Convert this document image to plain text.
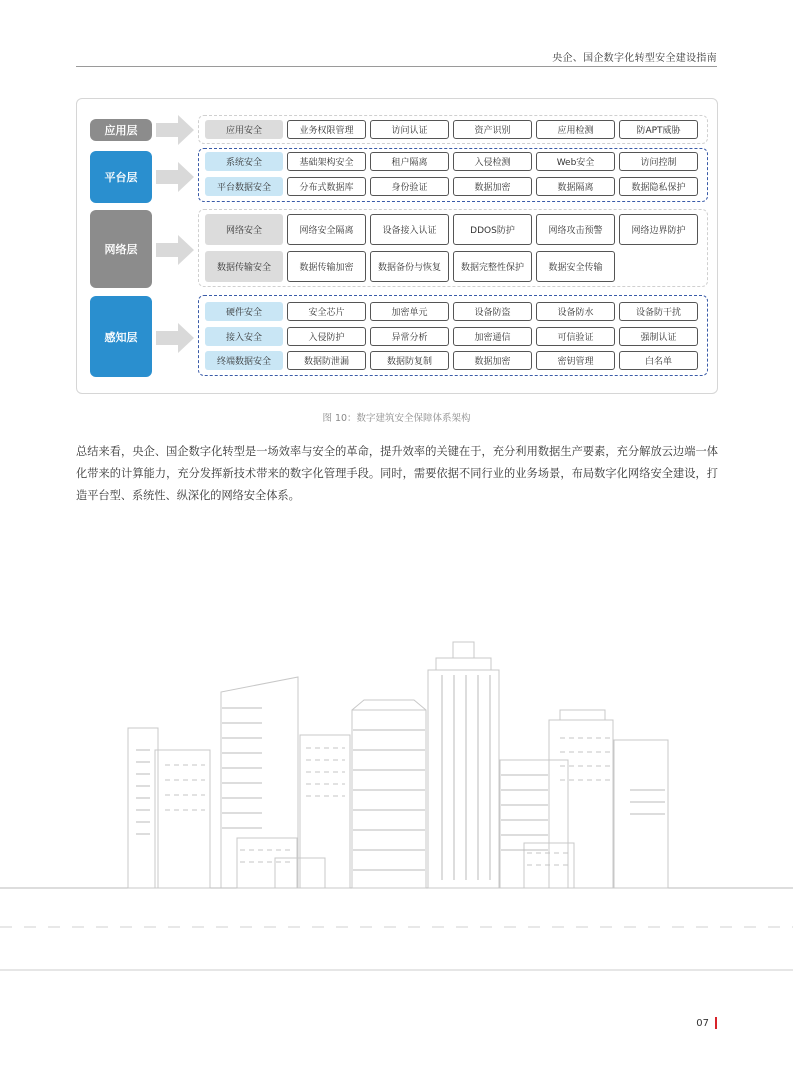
央企、国企数字化转型安全建设指南
应用层
平台层
网络层
感知层
应用安全	业务权限管理	访问认证	资产识别	应用检测	防APT威胁
系统安全	基础架构安全	租户隔离	入侵检测	Web安全	访问控制
平台数据安全	分布式数据库	身份验证	数据加密	数据隔离	数据隐私保护
网络安全	网络安全隔离	设备接入认证	DDOS防护	网络攻击预警	网络边界防护
数据传输安全	数据传输加密	数据备份与恢复	数据完整性保护	数据安全传输
硬件安全	安全芯片	加密单元	设备防盗	设备防水	设备防干扰
接入安全	入侵防护	异常分析	加密通信	可信验证	强制认证
终端数据安全	数据防泄漏	数据防复制	数据加密	密钥管理	白名单
图 10：数字建筑安全保障体系架构

总结来看，央企、国企数字化转型是一场效率与安全的革命，提升效率的关键在于，充分利用数据生产要素，充分解放云边端一体化带来的计算能力，充分发挥新技术带来的数字化管理手段。同时，需要依据不同行业的业务场景，布局数字化网络安全建设，打造平台型、系统性、纵深化的网络安全体系。

07
